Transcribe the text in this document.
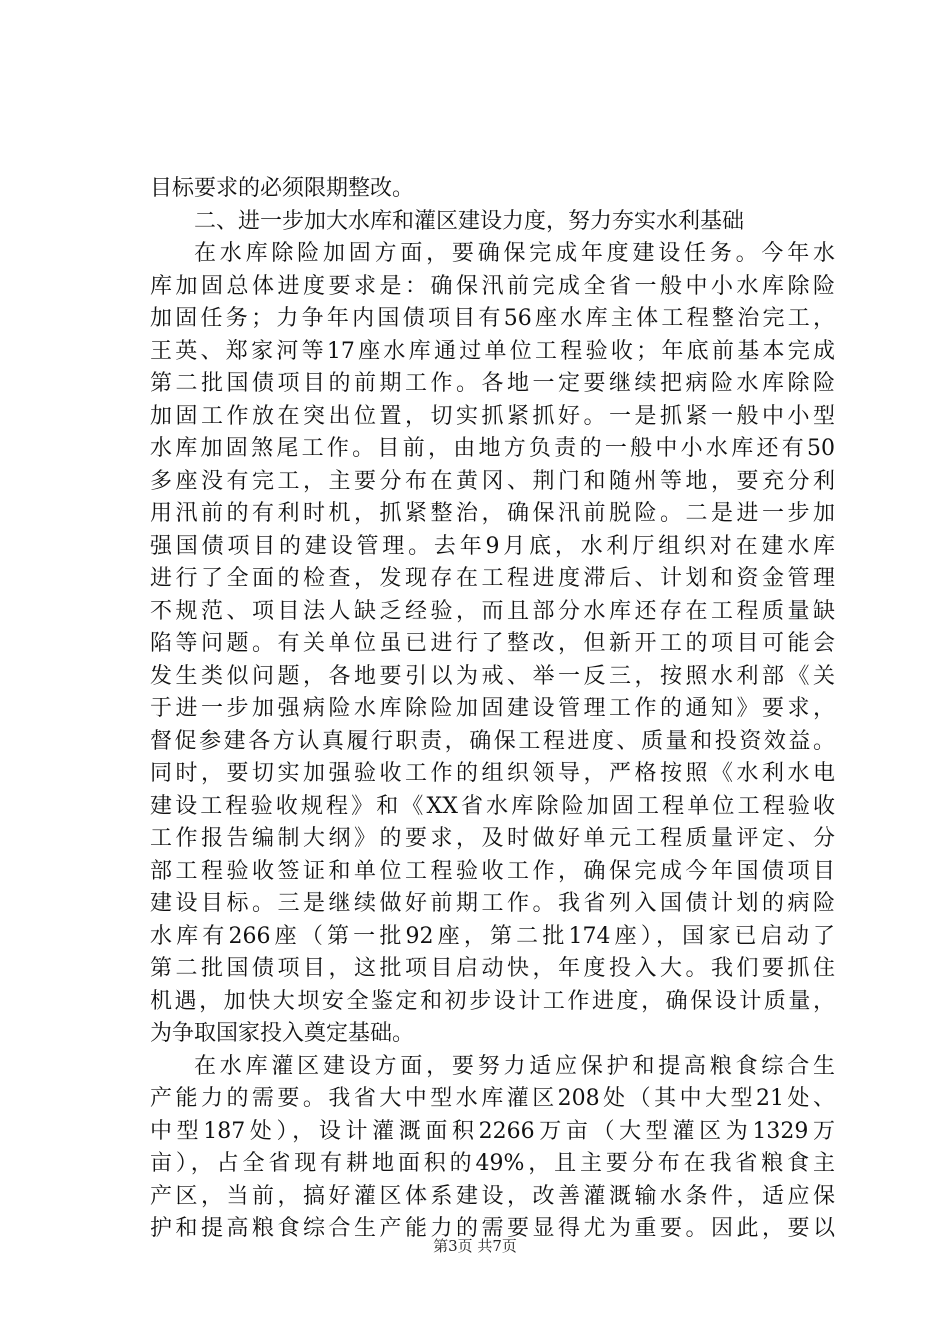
目标要求的必须限期整改。
二、进一步加大水库和灌区建设力度，努力夯实水利基础
在水库除险加固方面，要确保完成年度建设任务。今年水
库加固总体进度要求是：确保汛前完成全省一般中小水库除险
加固任务；力争年内国债项目有56座水库主体工程整治完工，
王英、郑家河等17座水库通过单位工程验收；年底前基本完成
第二批国债项目的前期工作。各地一定要继续把病险水库除险
加固工作放在突出位置，切实抓紧抓好。一是抓紧一般中小型
水库加固煞尾工作。目前，由地方负责的一般中小水库还有50
多座没有完工，主要分布在黄冈、荆门和随州等地，要充分利
用汛前的有利时机，抓紧整治，确保汛前脱险。二是进一步加
强国债项目的建设管理。去年9月底，水利厅组织对在建水库
进行了全面的检查，发现存在工程进度滞后、计划和资金管理
不规范、项目法人缺乏经验，而且部分水库还存在工程质量缺
陷等问题。有关单位虽已进行了整改，但新开工的项目可能会
发生类似问题，各地要引以为戒、举一反三，按照水利部《关
于进一步加强病险水库除险加固建设管理工作的通知》要求，
督促参建各方认真履行职责，确保工程进度、质量和投资效益。
同时，要切实加强验收工作的组织领导，严格按照《水利水电
建设工程验收规程》和《XX省水库除险加固工程单位工程验收
工作报告编制大纲》的要求，及时做好单元工程质量评定、分
部工程验收签证和单位工程验收工作，确保完成今年国债项目
建设目标。三是继续做好前期工作。我省列入国债计划的病险
水库有266座（第一批92座，第二批174座），国家已启动了
第二批国债项目，这批项目启动快，年度投入大。我们要抓住
机遇，加快大坝安全鉴定和初步设计工作进度，确保设计质量，
为争取国家投入奠定基础。
在水库灌区建设方面，要努力适应保护和提高粮食综合生
产能力的需要。我省大中型水库灌区208处（其中大型21处、
中型187处），设计灌溉面积2266万亩（大型灌区为1329万
亩），占全省现有耕地面积的49%，且主要分布在我省粮食主
产区，当前，搞好灌区体系建设，改善灌溉输水条件，适应保
护和提高粮食综合生产能力的需要显得尤为重要。因此，要以
第3页 共7页
